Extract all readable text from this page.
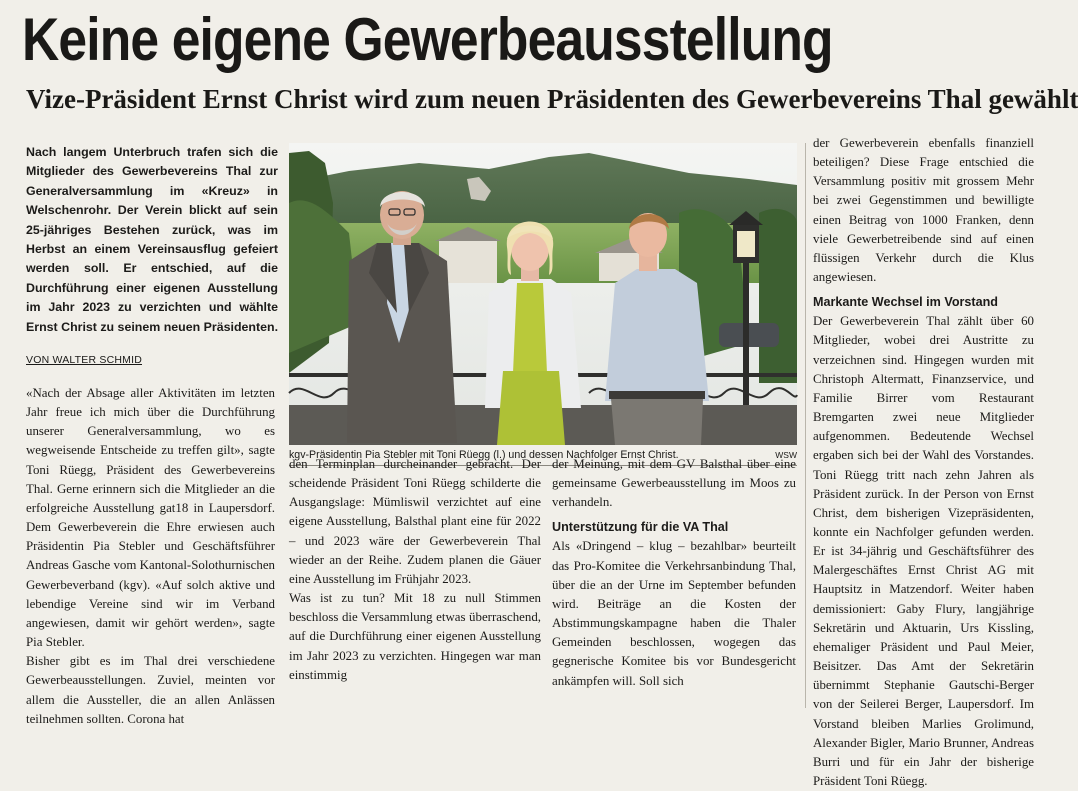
Keine eigene Gewerbeausstellung
Vize-Präsident Ernst Christ wird zum neuen Präsidenten des Gewerbevereins Thal gewählt
Nach langem Unterbruch trafen sich die Mitglieder des Gewerbevereins Thal zur Generalversammlung im «Kreuz» in Welschenrohr. Der Verein blickt auf sein 25-jähriges Bestehen zurück, was im Herbst an einem Vereinsausflug gefeiert werden soll. Er entschied, auf die Durchführung einer eigenen Ausstellung im Jahr 2023 zu verzichten und wählte Ernst Christ zu seinem neuen Präsidenten.
VON WALTER SCHMID

«Nach der Absage aller Aktivitäten im letzten Jahr freue ich mich über die Durchführung unserer Generalversammlung, wo es wegweisende Entscheide zu treffen gilt», sagte Toni Rüegg, Präsident des Gewerbevereins Thal. Gerne erinnern sich die Mitglieder an die erfolgreiche Ausstellung gat18 in Laupersdorf. Dem Gewerbeverein die Ehre erwiesen auch Präsidentin Pia Stebler und Geschäftsführer Andreas Gasche vom Kantonal-Solothurnischen Gewerbeverband (kgv). «Auf solch aktive und lebendige Vereine sind wir im Verband angewiesen, damit wir gehört werden», sagte Pia Stebler.

Bisher gibt es im Thal drei verschiedene Gewerbeausstellungen. Zuviel, meinten vor allem die Aussteller, die an allen Anlässen teilnehmen sollten. Corona hat

kgv-Präsidentin Pia Stebler mit Toni Rüegg (l.) und dessen Nachfolger Ernst Christ.	WSW

den Terminplan durcheinander gebracht. Der scheidende Präsident Toni Rüegg schilderte die Ausgangslage: Mümliswil verzichtet auf eine eigene Ausstellung, Balsthal plant eine für 2022 – und 2023 wäre der Gewerbeverein Thal wieder an der Reihe. Zudem planen die Gäuer eine Ausstellung im Frühjahr 2023.

Was ist zu tun? Mit 18 zu null Stimmen beschloss die Versammlung etwas überraschend, auf die Durchführung einer eigenen Ausstellung im Jahr 2023 zu verzichten. Hingegen war man einstimmig

der Meinung, mit dem GV Balsthal über eine gemeinsame Gewerbeausstellung im Moos zu verhandeln.

Unterstützung für die VA Thal

Als «Dringend – klug – bezahlbar» beurteilt das Pro-Komitee die Verkehrsanbindung Thal, über die an der Urne im September befunden wird. Beiträge an die Kosten der Abstimmungskampagne haben die Thaler Gemeinden beschlossen, wogegen das gegnerische Komitee bis vor Bundesgericht ankämpfen will. Soll sich

der Gewerbeverein ebenfalls finanziell beteiligen? Diese Frage entschied die Versammlung positiv mit grossem Mehr bei zwei Gegenstimmen und bewilligte einen Beitrag von 1000 Franken, denn viele Gewerbetreibende sind auf einen flüssigen Verkehr durch die Klus angewiesen.

Markante Wechsel im Vorstand

Der Gewerbeverein Thal zählt über 60 Mitglieder, wobei drei Austritte zu verzeichnen sind. Hingegen wurden mit Christoph Altermatt, Finanzservice, und Familie Birrer vom Restaurant Bremgarten zwei neue Mitglieder aufgenommen. Bedeutende Wechsel ergaben sich bei der Wahl des Vorstandes. Toni Rüegg tritt nach zehn Jahren als Präsident zurück. In der Person von Ernst Christ, dem bisherigen Vizepräsidenten, konnte ein Nachfolger gefunden werden. Er ist 34-jährig und Geschäftsführer des Malergeschäftes Ernst Christ AG mit Hauptsitz in Matzendorf. Weiter haben demissioniert: Gaby Flury, langjährige Sekretärin und Aktuarin, Urs Kissling, ehemaliger Präsident und Paul Meier, Beisitzer. Das Amt der Sekretärin übernimmt Stephanie Gautschi-Berger von der Seilerei Berger, Laupersdorf. Im Vorstand bleiben Marlies Grolimund, Alexander Bigler, Mario Brunner, Andreas Burri und für ein Jahr der bisherige Präsident Toni Rüegg.
